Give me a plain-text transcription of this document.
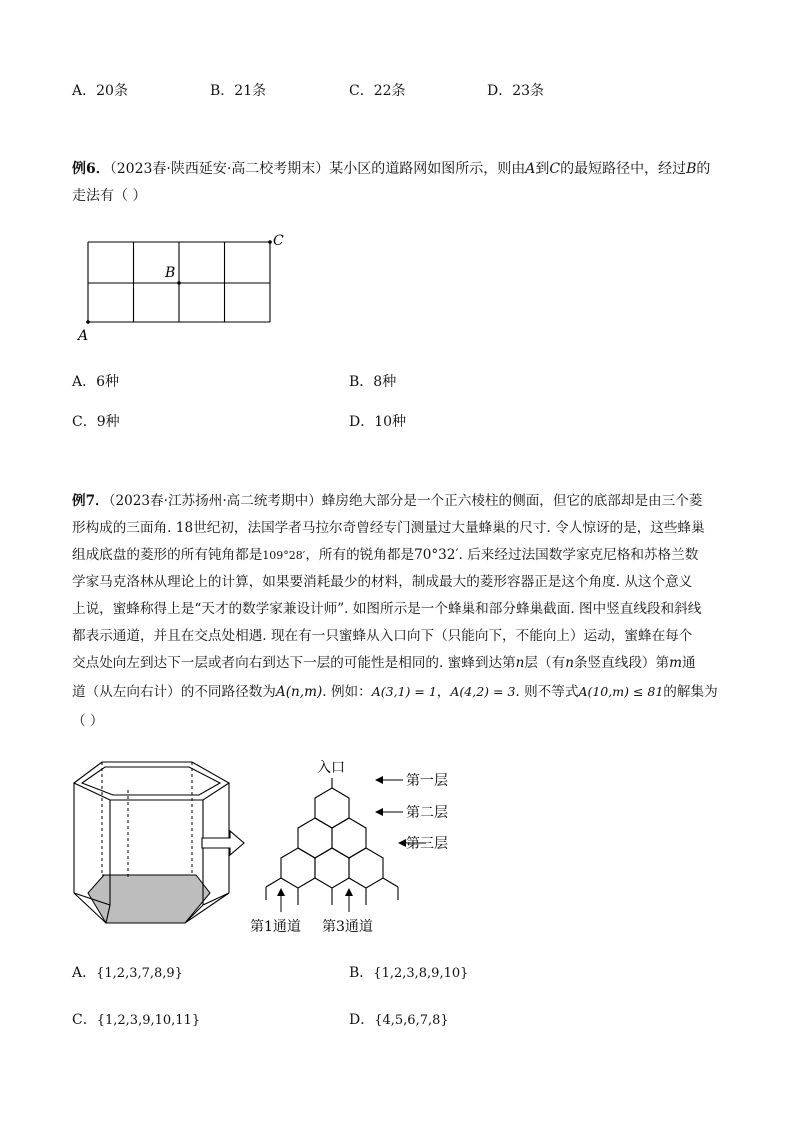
A．20条	B．21条	C．22条	D．23条
例6．（2023春·陕西延安·高二校考期末）某小区的道路网如图所示，则由A到C的最短路径中，经过B的
走法有（ ）
A
B
C
A．6种	B．8种
C．9种	D．10种
例7．（2023春·江苏扬州·高二统考期中）蜂房绝大部分是一个正六棱柱的侧面，但它的底部却是由三个菱
形构成的三面角. 18世纪初，法国学者马拉尔奇曾经专门测量过大量蜂巢的尺寸. 令人惊讶的是，这些蜂巢
组成底盘的菱形的所有钝角都是109°28′，所有的锐角都是70°32′. 后来经过法国数学家克尼格和苏格兰数
学家马克洛林从理论上的计算，如果要消耗最少的材料，制成最大的菱形容器正是这个角度. 从这个意义
上说，蜜蜂称得上是“天才的数学家兼设计师”. 如图所示是一个蜂巢和部分蜂巢截面. 图中竖直线段和斜线
都表示通道，并且在交点处相遇. 现在有一只蜜蜂从入口向下（只能向下，不能向上）运动，蜜蜂在每个
交点处向左到达下一层或者向右到达下一层的可能性是相同的. 蜜蜂到达第n层（有n条竖直线段）第m通
道（从左向右计）的不同路径数为A(n,m). 例如：A(3,1) = 1，A(4,2) = 3. 则不等式A(10,m) ≤ 81的解集为
（ ）
入口
第一层
第二层
第三层
第1通道 第3通道
A．{1,2,3,7,8,9}	B．{1,2,3,8,9,10}
C．{1,2,3,9,10,11}	D．{4,5,6,7,8}
